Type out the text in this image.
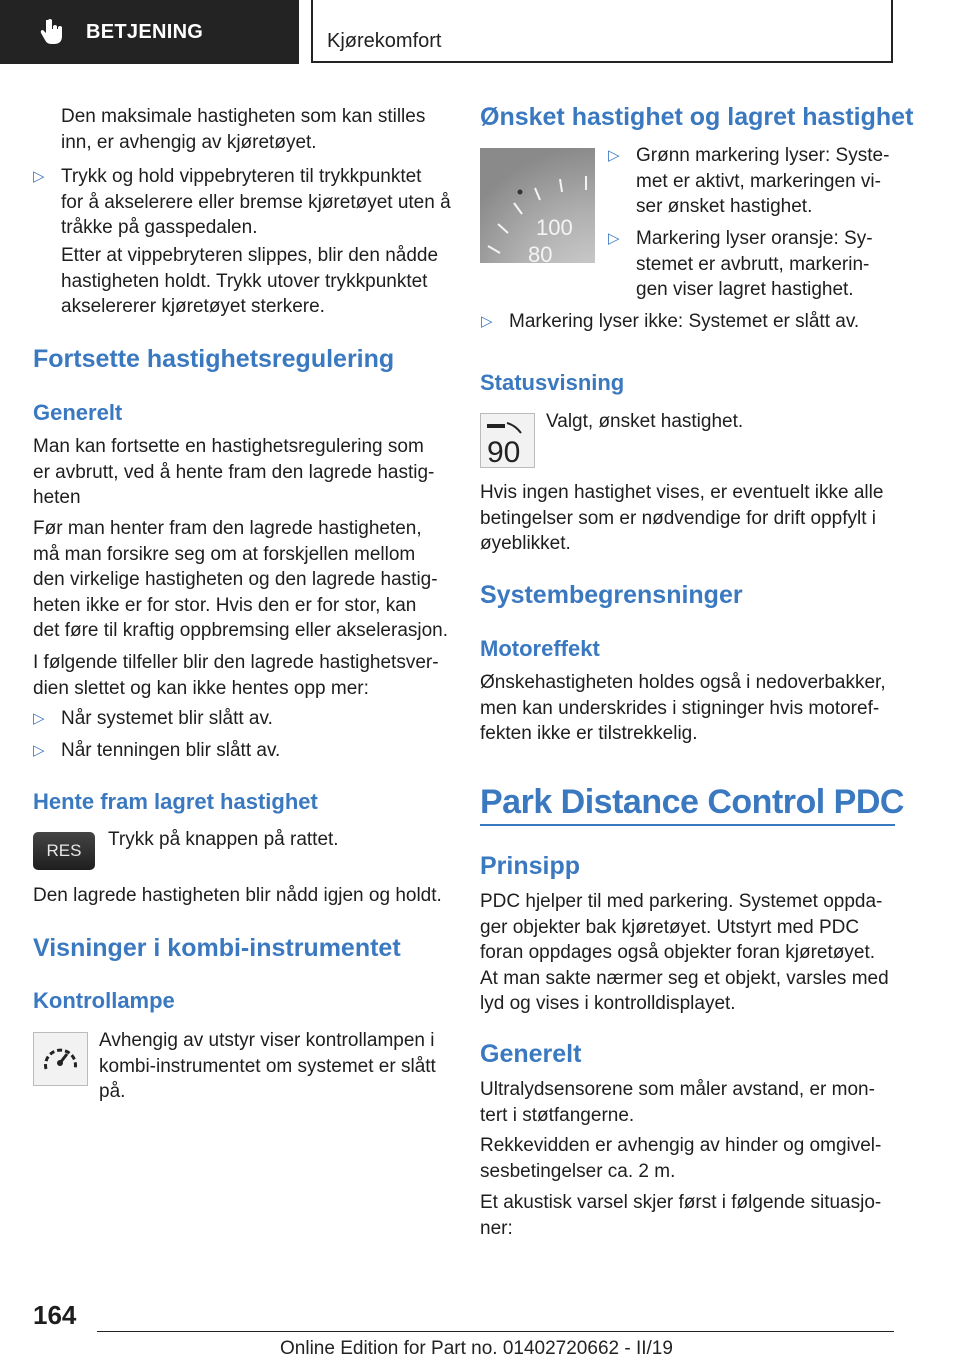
BETJENING	Kjørekomfort
Den maksimale hastigheten som kan stilles
inn, er avhengig av kjøretøyet.
▷ Trykk og hold vippebryteren til trykkpunktet
for å akselerere eller bremse kjøretøyet uten å
tråkke på gasspedalen.
Etter at vippebryteren slippes, blir den nådde
hastigheten holdt. Trykk utover trykkpunktet
akselererer kjøretøyet sterkere.
Fortsette hastighetsregulering
Generelt
Man kan fortsette en hastighetsregulering som
er avbrutt, ved å hente fram den lagrede hastig‐
heten
Før man henter fram den lagrede hastigheten,
må man forsikre seg om at forskjellen mellom
den virkelige hastigheten og den lagrede hastig‐
heten ikke er for stor. Hvis den er for stor, kan
det føre til kraftig oppbremsing eller akselerasjon.
I følgende tilfeller blir den lagrede hastighetsver‐
dien slettet og kan ikke hentes opp mer:
▷ Når systemet blir slått av.
▷ Når tenningen blir slått av.
Hente fram lagret hastighet
RES
Trykk på knappen på rattet.
Den lagrede hastigheten blir nådd igjen og holdt.
Visninger i kombi-instrumentet
Kontrollampe
Avhengig av utstyr viser kontrollampen i
kombi-instrumentet om systemet er slått
på.
Ønsket hastighet og lagret hastighet
100
80
▷ Grønn markering lyser: Syste‐
met er aktivt, markeringen vi‐
ser ønsket hastighet.
▷ Markering lyser oransje: Sy‐
stemet er avbrutt, markerin‐
gen viser lagret hastighet.
▷ Markering lyser ikke: Systemet er slått av.
Statusvisning
90
Valgt, ønsket hastighet.
Hvis ingen hastighet vises, er eventuelt ikke alle
betingelser som er nødvendige for drift oppfylt i
øyeblikket.
Systembegrensninger
Motoreffekt
Ønskehastigheten holdes også i nedoverbakker,
men kan underskrides i stigninger hvis motoref‐
fekten ikke er tilstrekkelig.
Park Distance Control PDC
Prinsipp
PDC hjelper til med parkering. Systemet oppda‐
ger objekter bak kjøretøyet. Utstyrt med PDC
foran oppdages også objekter foran kjøretøyet.
At man sakte nærmer seg et objekt, varsles med
lyd og vises i kontrolldisplayet.
Generelt
Ultralydsensorene som måler avstand, er mon‐
tert i støtfangerne.
Rekkevidden er avhengig av hinder og omgivel‐
sesbetingelser ca. 2 m.
Et akustisk varsel skjer først i følgende situasjo‐
ner:
164
Online Edition for Part no. 01402720662 - II/19
